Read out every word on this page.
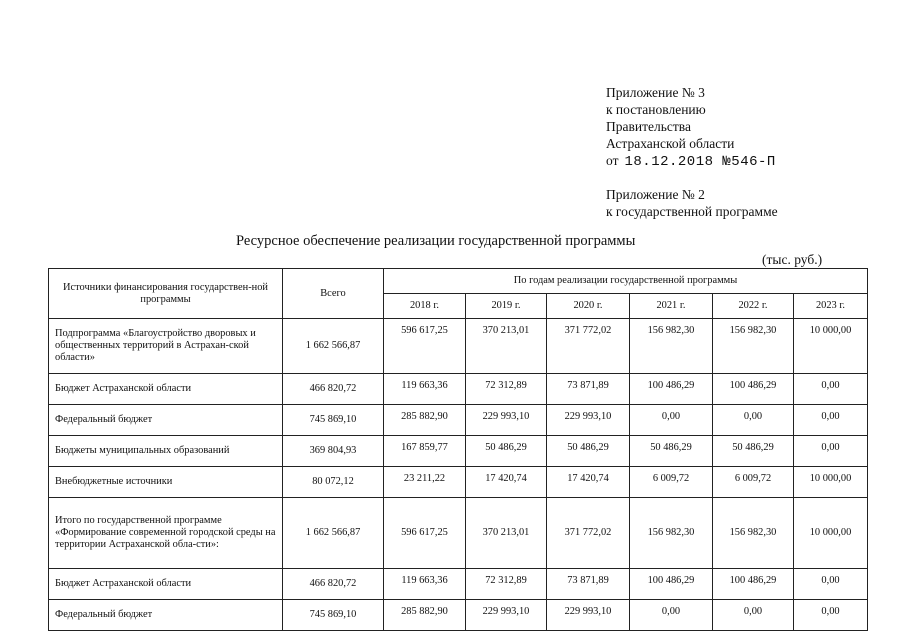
Приложение № 3
к постановлению
Правительства
Астраханской области
от 18.12.2018 №546-П
Приложение № 2
к государственной программе
Ресурсное обеспечение реализации государственной программы
(тыс. руб.)
Источники финансирования государствен-ной программы	Всего	По годам реализации государственной программы					
		2018 г.	2019 г.	2020 г.	2021 г.	2022 г.	2023 г.
Подпрограмма «Благоустройство дворовых и общественных территорий в Астрахан-ской области»	1 662 566,87	596 617,25	370 213,01	371 772,02	156 982,30	156 982,30	10 000,00
Бюджет Астраханской области	466 820,72	119 663,36	72 312,89	73 871,89	100 486,29	100 486,29	0,00
Федеральный бюджет	745 869,10	285 882,90	229 993,10	229 993,10	0,00	0,00	0,00
Бюджеты муниципальных образований	369 804,93	167 859,77	50 486,29	50 486,29	50 486,29	50 486,29	0,00
Внебюджетные источники	80 072,12	23 211,22	17 420,74	17 420,74	6 009,72	6 009,72	10 000,00
Итого по государственной программе «Формирование современной городской среды на территории Астраханской обла-сти»:	1 662 566,87	596 617,25	370 213,01	371 772,02	156 982,30	156 982,30	10 000,00
Бюджет Астраханской области	466 820,72	119 663,36	72 312,89	73 871,89	100 486,29	100 486,29	0,00
Федеральный бюджет	745 869,10	285 882,90	229 993,10	229 993,10	0,00	0,00	0,00
